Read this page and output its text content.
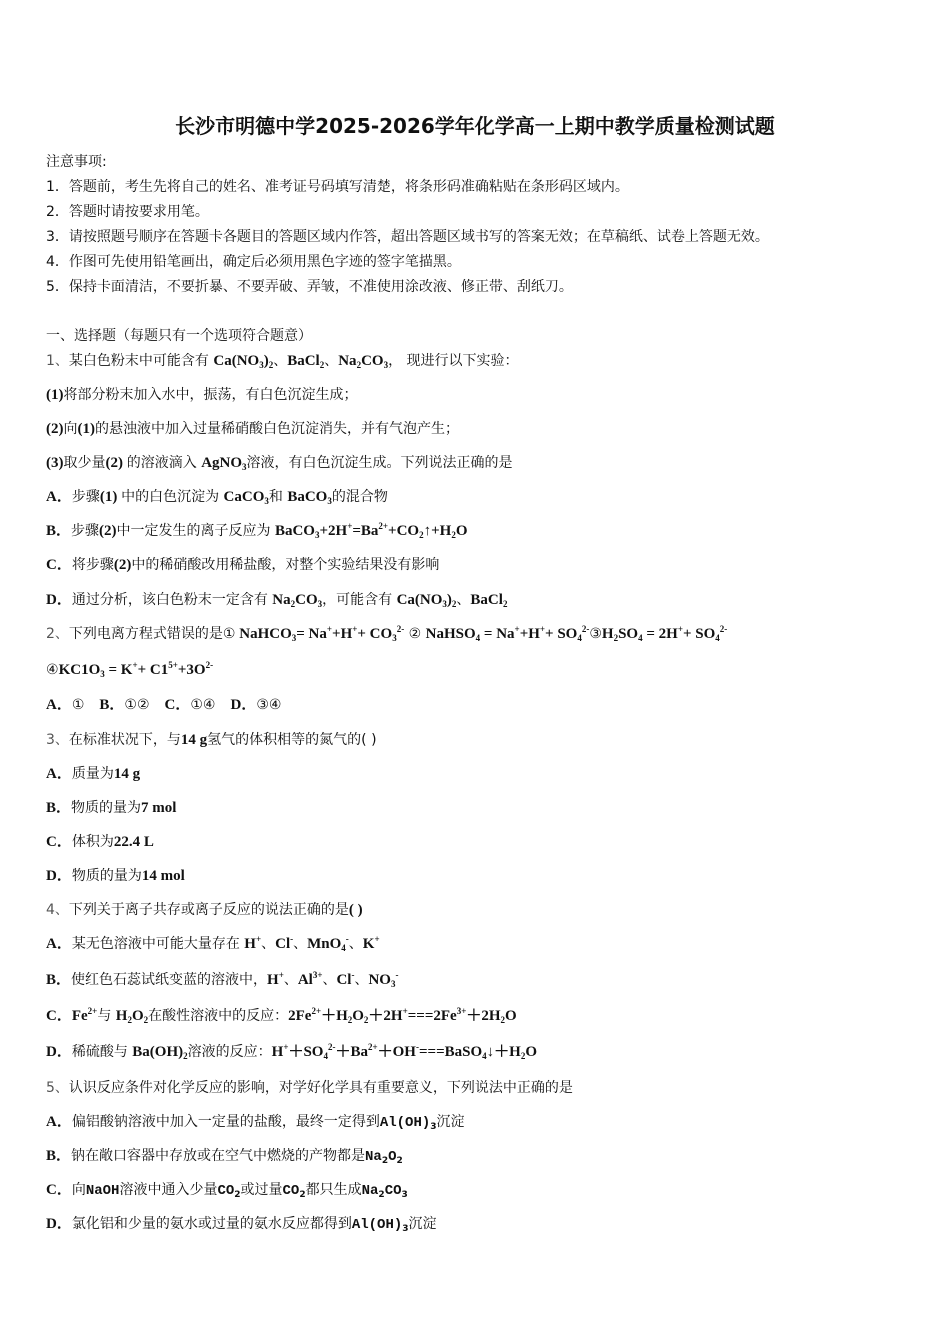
长沙市明德中学2025-2026学年化学高一上期中教学质量检测试题
注意事项:
1．答题前，考生先将自己的姓名、准考证号码填写清楚，将条形码准确粘贴在条形码区域内。
2．答题时请按要求用笔。
3．请按照题号顺序在答题卡各题目的答题区域内作答，超出答题区域书写的答案无效；在草稿纸、试卷上答题无效。
4．作图可先使用铅笔画出，确定后必须用黑色字迹的签字笔描黑。
5．保持卡面清洁，不要折暴、不要弄破、弄皱，不准使用涂改液、修正带、刮纸刀。
一、选择题（每题只有一个选项符合题意）
1、某白色粉末中可能含有 $Ca(NO_3)_2$、BaCl$_2$、$Na_2CO_3$， 现进行以下实验：
(1)将部分粉末加入水中，振荡，有白色沉淀生成；
(2)向(1)的悬浊液中加入过量稀硝酸白色沉淀消失，并有气泡产生；
(3)取少量(2) 的溶液滴入 AgNO$_3$溶液，有白色沉淀生成。下列说法正确的是
A．步骤(1) 中的白色沉淀为 CaCO$_3$和 BaCO$_3$的混合物
B．步骤(2)中一定发生的离子反应为 $BaCO_3+2H^+=Ba^{2+}+CO_2↑+H_2O$
C．将步骤(2)中的稀硝酸改用稀盐酸，对整个实验结果没有影响
D．通过分析，该白色粉末一定含有 $Na_2CO_3$，可能含有 $Ca(NO_3)_2$、BaCl$_2$
2、下列电离方程式错误的是① NaHCO$_3$= $Na^++H^++ CO_3^{2-}$ ② NaHSO$_4$ = $Na^++H^++ SO_4^{2-}③H_2SO_4 = 2H^++ SO_4^{2-}$
$④KC1O_3 = K^++ C1^{5+}+3O^{2-}$
A．① B．①② C．①④ D．③④
3、在标准状况下，与14 g氢气的体积相等的氮气的( )
A．质量为14 g
B．物质的量为7 mol
C．体积为22.4 L
D．物质的量为14 mol
4、下列关于离子共存或离子反应的说法正确的是( )
A．某无色溶液中可能大量存在 H+、Cl-、MnO$_4$-、K+
B．使红色石蕊试纸变蓝的溶液中，H+、$Al^{3+}$、Cl-、$NO_3^-$
C．$Fe^{2+}$与 $H_2O_2$在酸性溶液中的反应：$2Fe^{2+}+H_2O_2+2H^+===2Fe^{3+}+2H_2O$
D．稀硫酸与 $Ba(OH)_2$溶液的反应：$H^++SO_4^{2-}+Ba^{2+}+OH^-===BaSO_4↓+H_2O$
5、认识反应条件对化学反应的影响，对学好化学具有重要意义，下列说法中正确的是
A．偏铝酸钠溶液中加入一定量的盐酸，最终一定得到$Al(OH)_3$沉淀
B．钠在敞口容器中存放或在空气中燃烧的产物都是$Na_2O_2$
C．向NaOH溶液中通入少量$CO_2$或过量$CO_2$都只生成$Na_2CO_3$
D．氯化铝和少量的氨水或过量的氨水反应都得到$Al(OH)_3$沉淀
